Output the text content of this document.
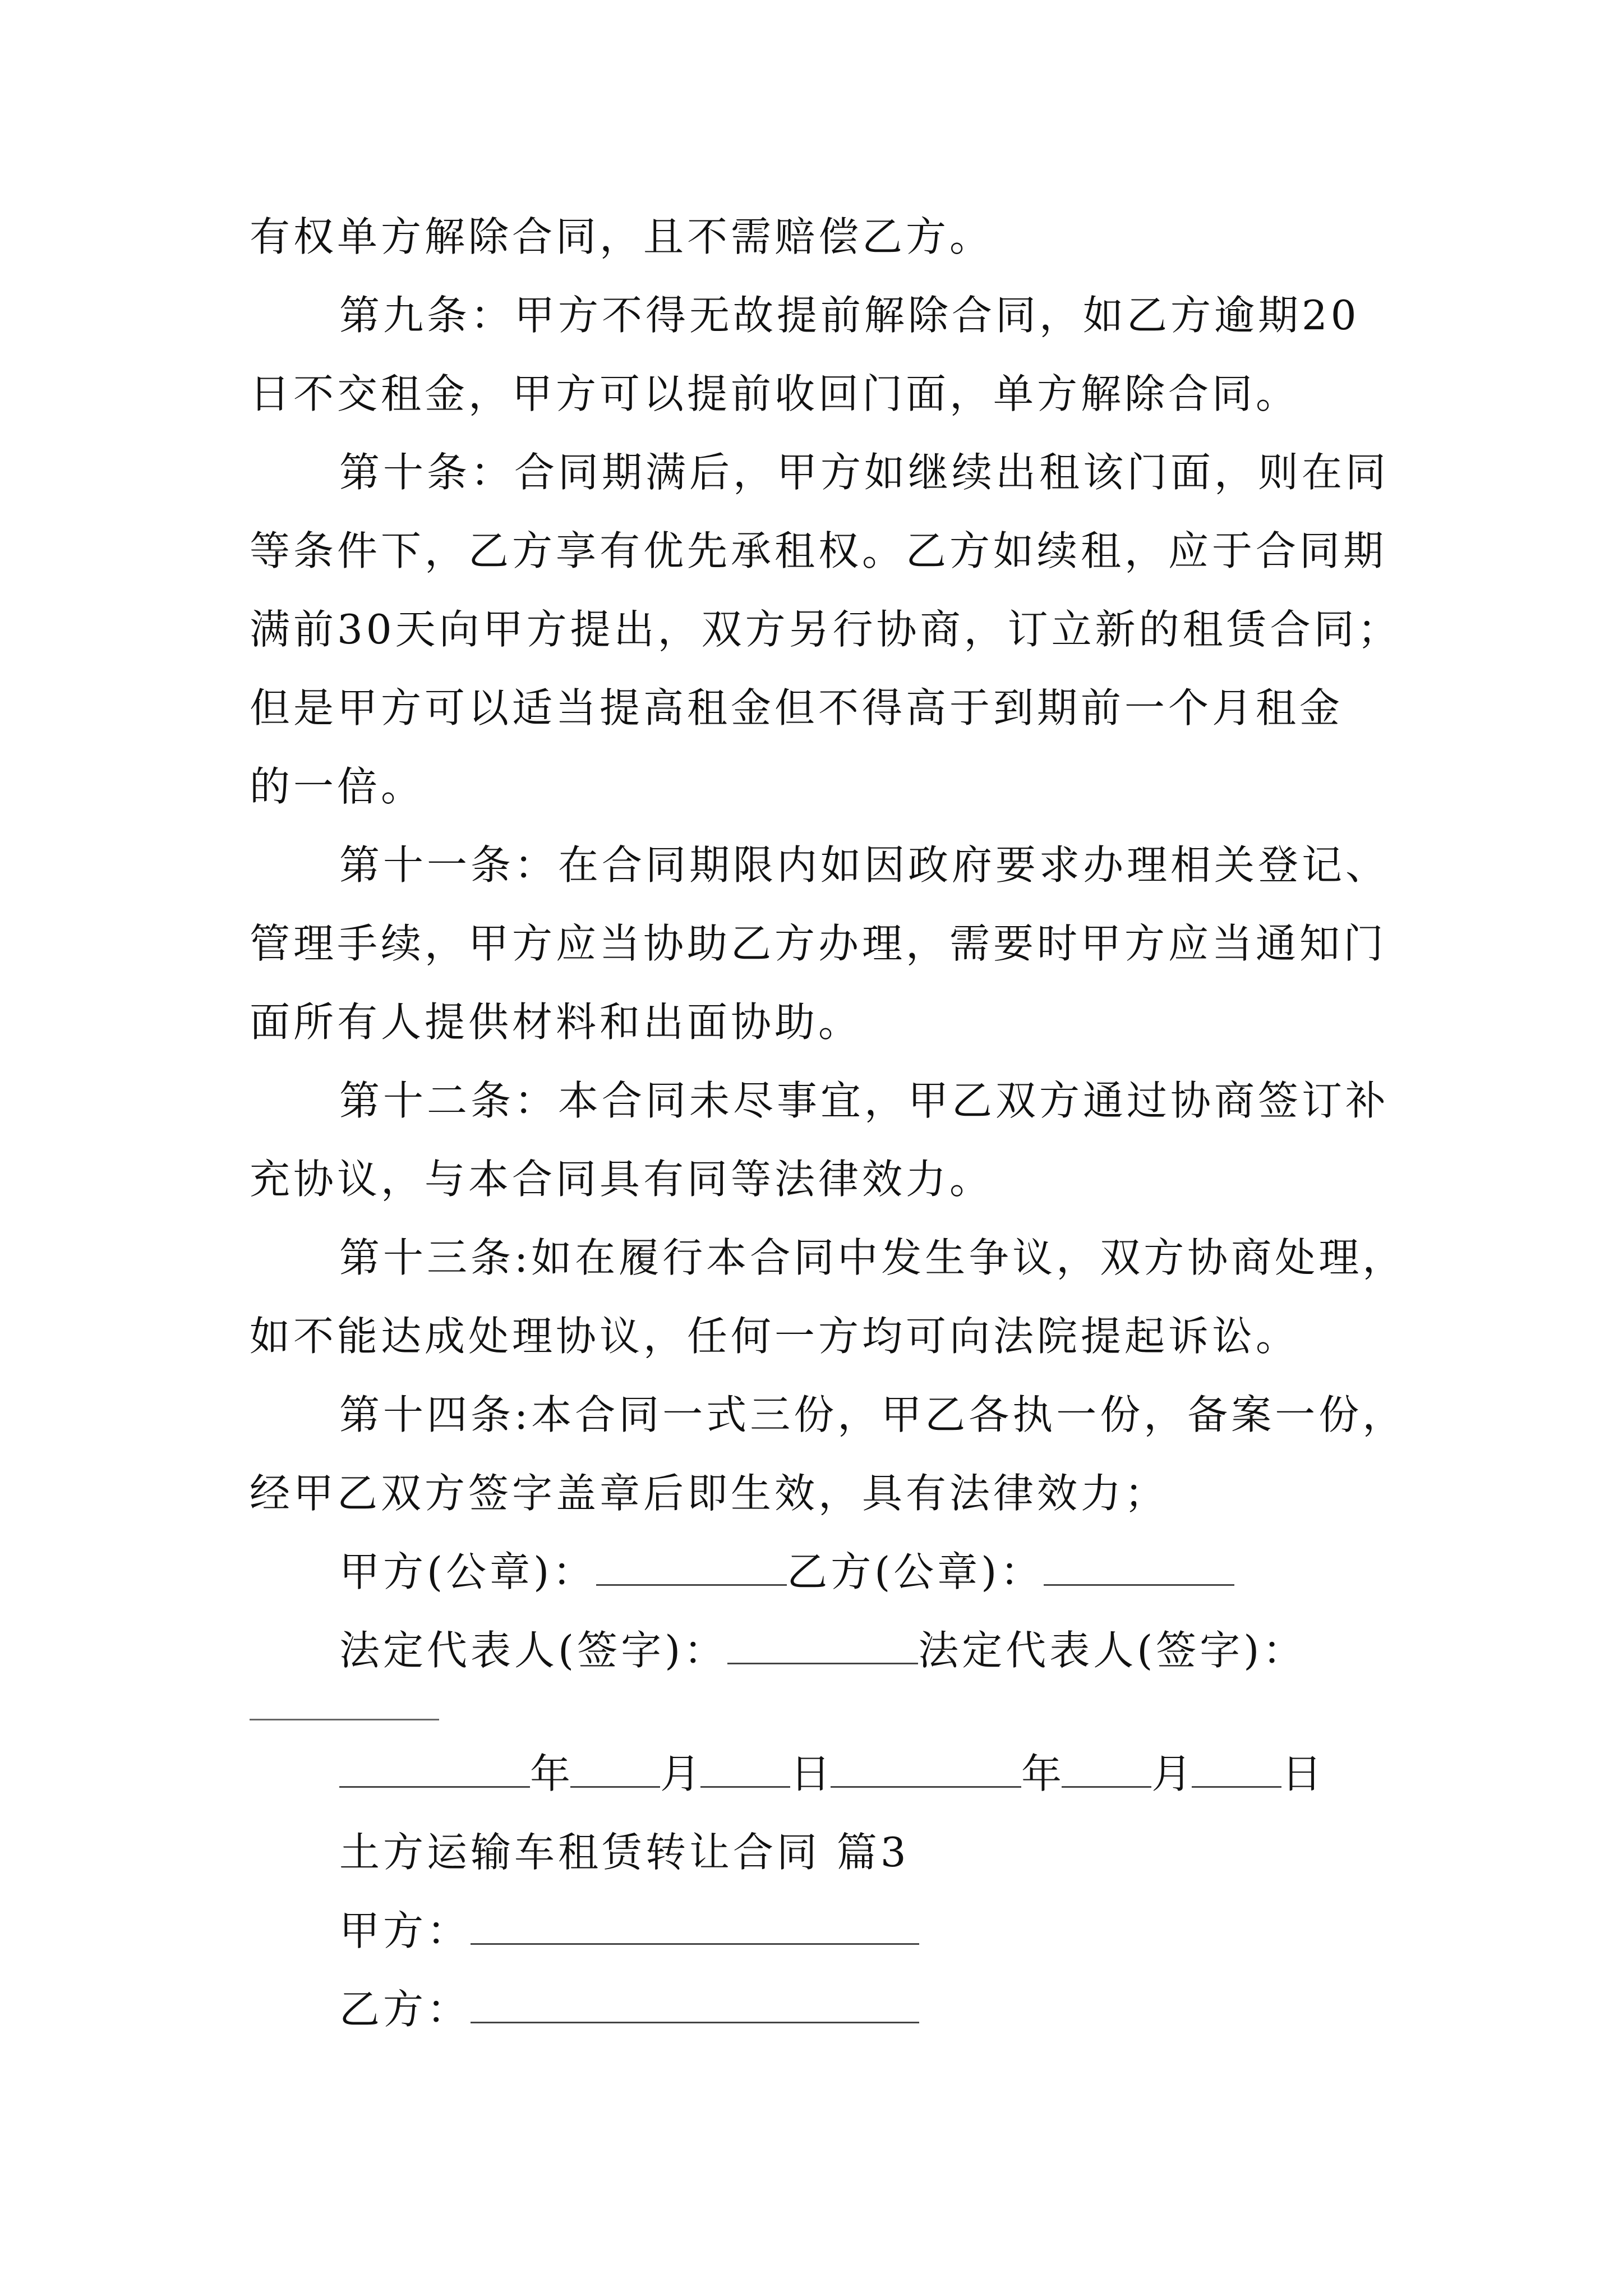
有权单方解除合同，且不需赔偿乙方。
第九条：甲方不得无故提前解除合同，如乙方逾期20
日不交租金，甲方可以提前收回门面，单方解除合同。
第十条：合同期满后，甲方如继续出租该门面，则在同
等条件下，乙方享有优先承租权。乙方如续租，应于合同期
满前30天向甲方提出，双方另行协商，订立新的租赁合同；
但是甲方可以适当提高租金但不得高于到期前一个月租金
的一倍。
第十一条：在合同期限内如因政府要求办理相关登记、
管理手续，甲方应当协助乙方办理，需要时甲方应当通知门
面所有人提供材料和出面协助。
第十二条：本合同未尽事宜，甲乙双方通过协商签订补
充协议，与本合同具有同等法律效力。
第十三条:如在履行本合同中发生争议，双方协商处理，
如不能达成处理协议，任何一方均可向法院提起诉讼。
第十四条:本合同一式三份，甲乙各执一份，备案一份，
经甲乙双方签字盖章后即生效，具有法律效力；
甲方(公章)：	乙方(公章)：
法定代表人(签字)：	法定代表人(签字)：
年 月 日	年 月 日
土方运输车租赁转让合同 篇3
甲方：
乙方：
